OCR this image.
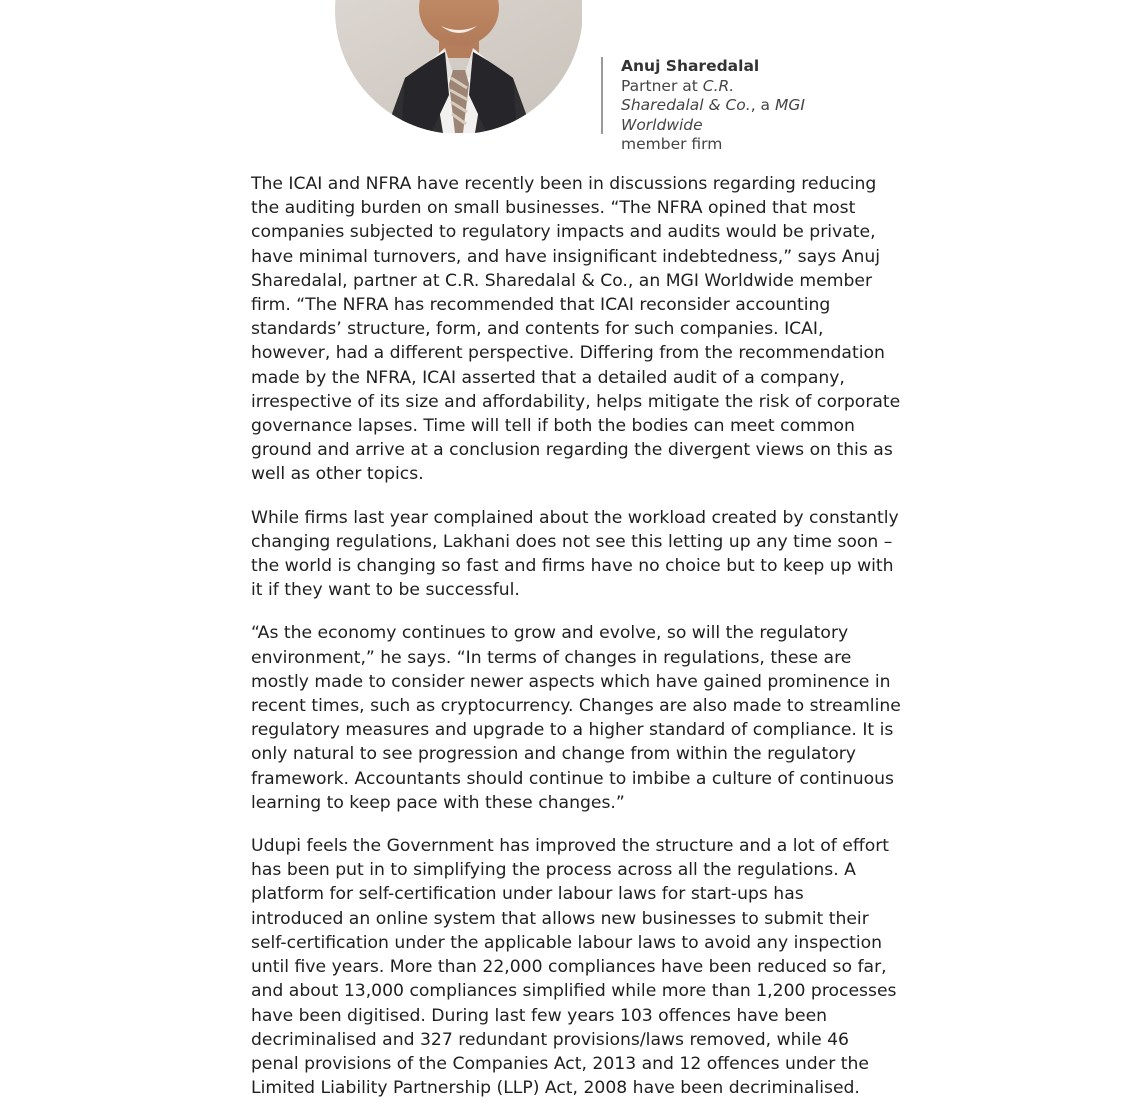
Anuj Sharedalal
Partner at C.R. Sharedalal & Co., a MGI Worldwide
member firm

The ICAI and NFRA have recently been in discussions regarding reducing the auditing burden on small businesses. “The NFRA opined that most companies subjected to regulatory impacts and audits would be private, have minimal turnovers, and have insignificant indebtedness,” says Anuj Sharedalal, partner at C.R. Sharedalal & Co., an MGI Worldwide member firm. “The NFRA has recommended that ICAI reconsider accounting standards’ structure, form, and contents for such companies. ICAI, however, had a different perspective. Differing from the recommendation made by the NFRA, ICAI asserted that a detailed audit of a company, irrespective of its size and affordability, helps mitigate the risk of corporate governance lapses. Time will tell if both the bodies can meet common ground and arrive at a conclusion regarding the divergent views on this as well as other topics.

While firms last year complained about the workload created by constantly changing regulations, Lakhani does not see this letting up any time soon – the world is changing so fast and firms have no choice but to keep up with it if they want to be successful.

“As the economy continues to grow and evolve, so will the regulatory environment,” he says. “In terms of changes in regulations, these are mostly made to consider newer aspects which have gained prominence in recent times, such as cryptocurrency. Changes are also made to streamline regulatory measures and upgrade to a higher standard of compliance. It is only natural to see progression and change from within the regulatory framework. Accountants should continue to imbibe a culture of continuous learning to keep pace with these changes.”

Udupi feels the Government has improved the structure and a lot of effort has been put in to simplifying the process across all the regulations. A platform for self-certification under labour laws for start-ups has introduced an online system that allows new businesses to submit their self-certification under the applicable labour laws to avoid any inspection until five years. More than 22,000 compliances have been reduced so far, and about 13,000 compliances simplified while more than 1,200 processes have been digitised. During last few years 103 offences have been decriminalised and 327 redundant provisions/laws removed, while 46 penal provisions of the Companies Act, 2013 and 12 offences under the Limited Liability Partnership (LLP) Act, 2008 have been decriminalised.
